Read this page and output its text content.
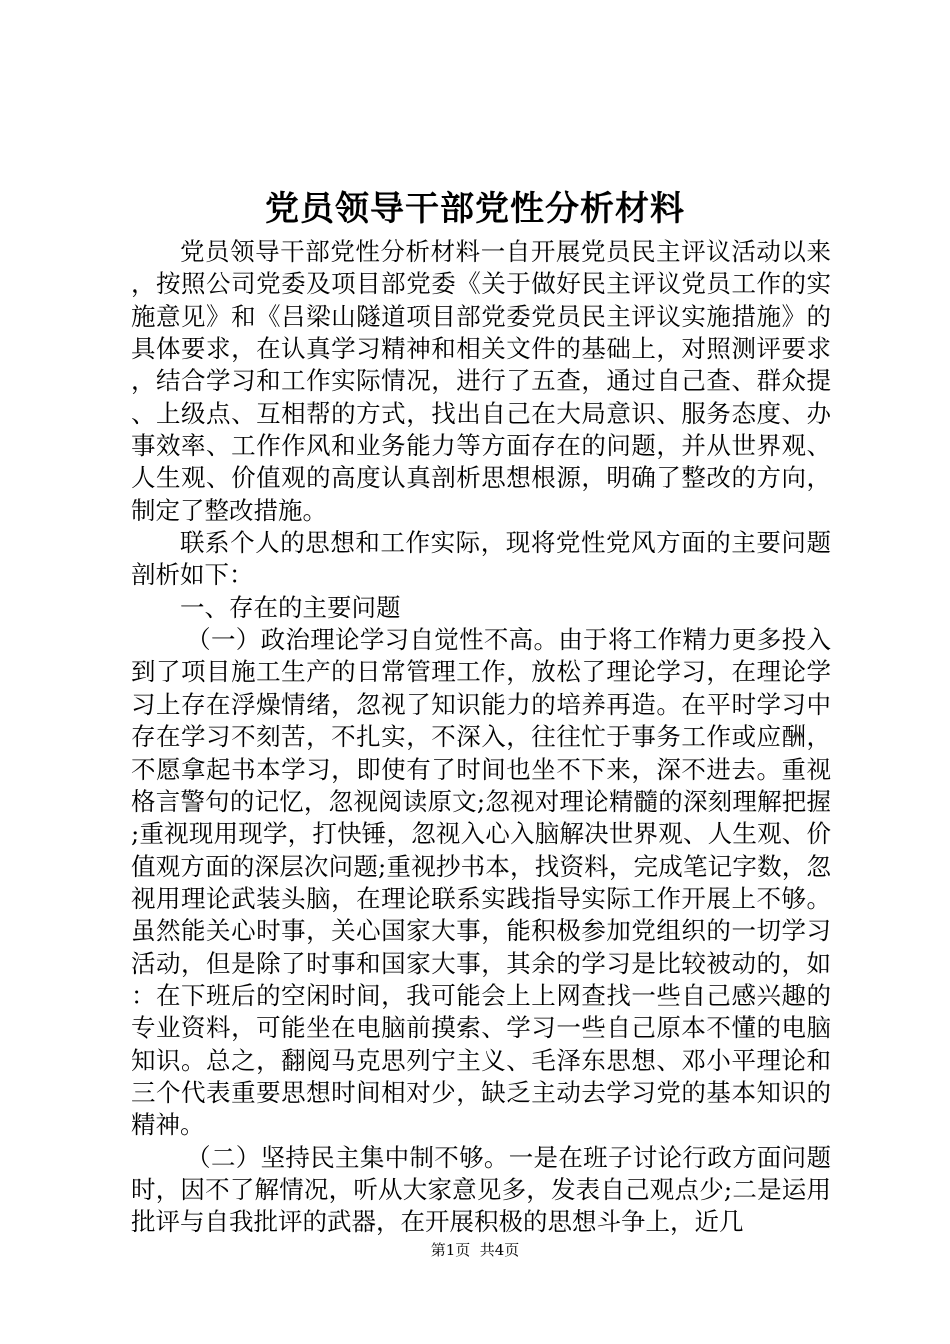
党员领导干部党性分析材料

党员领导干部党性分析材料一自开展党员民主评议活动以来，按照公司党委及项目部党委《关于做好民主评议党员工作的实施意见》和《吕梁山隧道项目部党委党员民主评议实施措施》的具体要求，在认真学习精神和相关文件的基础上，对照测评要求，结合学习和工作实际情况，进行了五查，通过自己查、群众提、上级点、互相帮的方式，找出自己在大局意识、服务态度、办事效率、工作作风和业务能力等方面存在的问题，并从世界观、人生观、价值观的高度认真剖析思想根源，明确了整改的方向，制定了整改措施。

联系个人的思想和工作实际，现将党性党风方面的主要问题剖析如下：

一、存在的主要问题

（一）政治理论学习自觉性不高。由于将工作精力更多投入到了项目施工生产的日常管理工作，放松了理论学习，在理论学习上存在浮燥情绪，忽视了知识能力的培养再造。在平时学习中存在学习不刻苦，不扎实，不深入，往往忙于事务工作或应酬，不愿拿起书本学习，即使有了时间也坐不下来，深不进去。重视格言警句的记忆，忽视阅读原文;忽视对理论精髓的深刻理解把握;重视现用现学，打快锤，忽视入心入脑解决世界观、人生观、价值观方面的深层次问题;重视抄书本，找资料，完成笔记字数，忽视用理论武装头脑，在理论联系实践指导实际工作开展上不够。虽然能关心时事，关心国家大事，能积极参加党组织的一切学习活动，但是除了时事和国家大事，其余的学习是比较被动的，如：在下班后的空闲时间，我可能会上上网查找一些自己感兴趣的专业资料，可能坐在电脑前摸索、学习一些自己原本不懂的电脑知识。总之，翻阅马克思列宁主义、毛泽东思想、邓小平理论和三个代表重要思想时间相对少，缺乏主动去学习党的基本知识的精神。

（二）坚持民主集中制不够。一是在班子讨论行政方面问题时，因不了解情况，听从大家意见多，发表自己观点少;二是运用批评与自我批评的武器，在开展积极的思想斗争上，近几

第1页  共4页
